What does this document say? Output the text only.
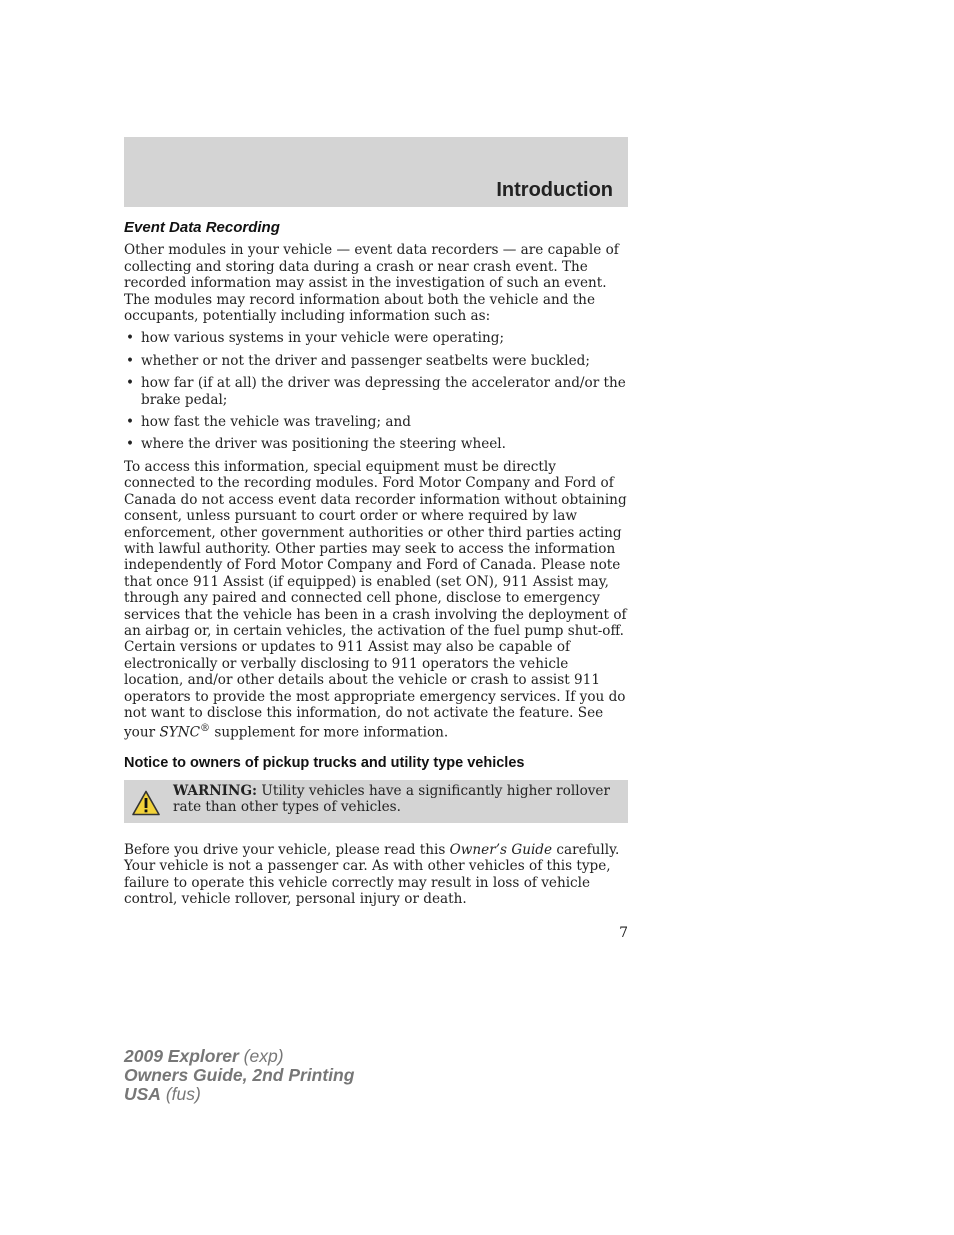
Introduction
Event Data Recording

Other modules in your vehicle — event data recorders — are capable of collecting and storing data during a crash or near crash event. The recorded information may assist in the investigation of such an event. The modules may record information about both the vehicle and the occupants, potentially including information such as:

• how various systems in your vehicle were operating;
• whether or not the driver and passenger seatbelts were buckled;
• how far (if at all) the driver was depressing the accelerator and/or the brake pedal;
• how fast the vehicle was traveling; and
• where the driver was positioning the steering wheel.

To access this information, special equipment must be directly connected to the recording modules. Ford Motor Company and Ford of Canada do not access event data recorder information without obtaining consent, unless pursuant to court order or where required by law enforcement, other government authorities or other third parties acting with lawful authority. Other parties may seek to access the information independently of Ford Motor Company and Ford of Canada. Please note that once 911 Assist (if equipped) is enabled (set ON), 911 Assist may, through any paired and connected cell phone, disclose to emergency services that the vehicle has been in a crash involving the deployment of an airbag or, in certain vehicles, the activation of the fuel pump shut-off. Certain versions or updates to 911 Assist may also be capable of electronically or verbally disclosing to 911 operators the vehicle location, and/or other details about the vehicle or crash to assist 911 operators to provide the most appropriate emergency services. If you do not want to disclose this information, do not activate the feature. See your SYNC® supplement for more information.

Notice to owners of pickup trucks and utility type vehicles
WARNING: Utility vehicles have a significantly higher rollover rate than other types of vehicles.

Before you drive your vehicle, please read this Owner’s Guide carefully. Your vehicle is not a passenger car. As with other vehicles of this type, failure to operate this vehicle correctly may result in loss of vehicle control, vehicle rollover, personal injury or death.

7
2009 Explorer (exp)
Owners Guide, 2nd Printing
USA (fus)
